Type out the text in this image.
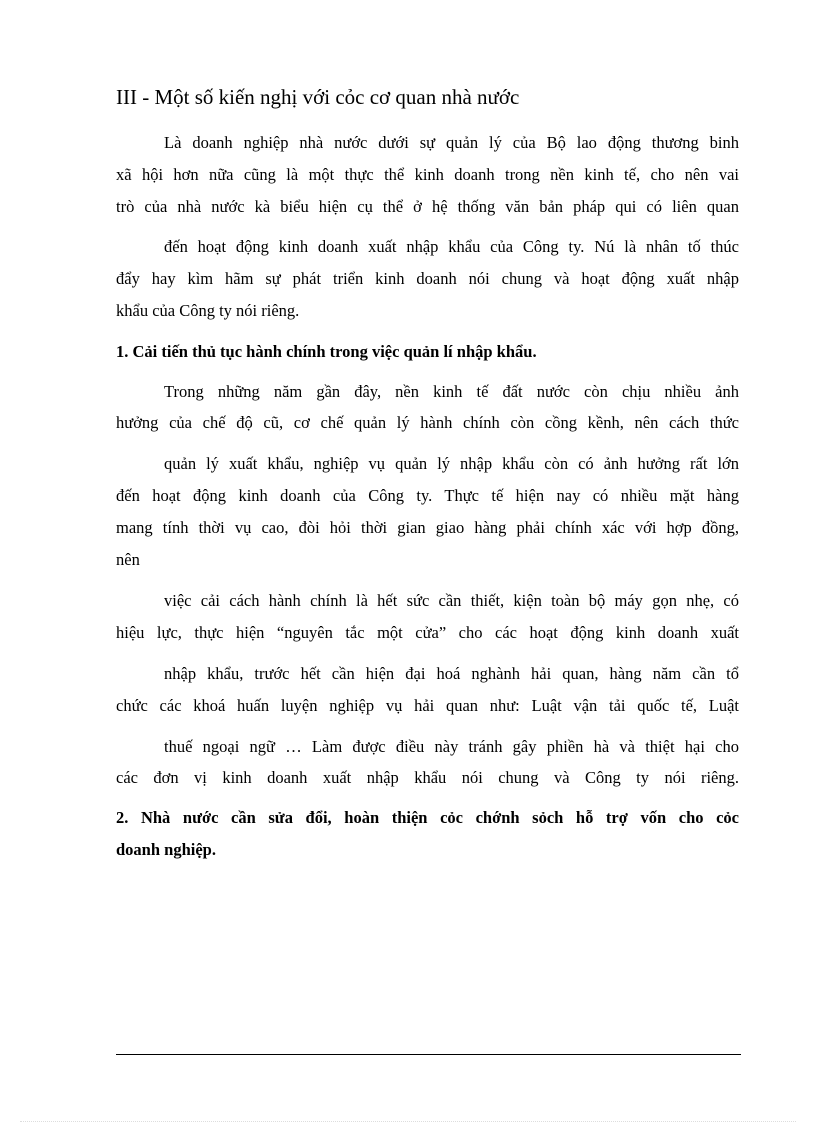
III - Một số kiến nghị với cỏc cơ quan nhà nước
Là doanh nghiệp nhà nước dưới sự quản lý của Bộ lao động thương binh
xã hội hơn nữa cũng là một thực thể kinh doanh trong nền kinh tế, cho nên vai
trò của nhà nước kà biểu hiện cụ thể ở hệ thống văn bản pháp qui có liên quan
đến hoạt động kinh doanh xuất nhập khẩu của Công ty. Nú là nhân tố thúc
đẩy hay kìm hãm sự phát triển kinh doanh nói chung và hoạt động xuất nhập
khẩu của Công ty nói riêng.
1. Cải tiến thủ tục hành chính trong việc quản lí nhập khẩu.
Trong những năm gần đây, nền kinh tế đất nước còn chịu nhiều ảnh
hưởng của chế độ cũ, cơ chế quản lý hành chính còn cồng kềnh, nên cách thức
quản lý xuất khẩu, nghiệp vụ quản lý nhập khẩu còn có ảnh hưởng rất lớn
đến hoạt động kinh doanh của Công ty. Thực tế hiện nay có nhiều mặt hàng
mang tính thời vụ cao, đòi hỏi thời gian giao hàng phải chính xác với hợp đồng,
nên
việc cải cách hành chính là hết sức cần thiết, kiện toàn bộ máy gọn nhẹ, có
hiệu lực, thực hiện “nguyên tắc một cửa” cho các hoạt động kinh doanh xuất
nhập khẩu, trước hết cần hiện đại hoá nghành hải quan, hàng năm cần tổ
chức các khoá huấn luyện nghiệp vụ hải quan như: Luật vận tải quốc tế, Luật
thuế ngoại ngữ … Làm được điều này tránh gây phiền hà và thiệt hại cho
các đơn vị kinh doanh xuất nhập khẩu nói chung và Công ty nói riêng.
2. Nhà nước cần sửa đổi, hoàn thiện cỏc chớnh sỏch hỗ trợ vốn cho cỏc
doanh nghiệp.
